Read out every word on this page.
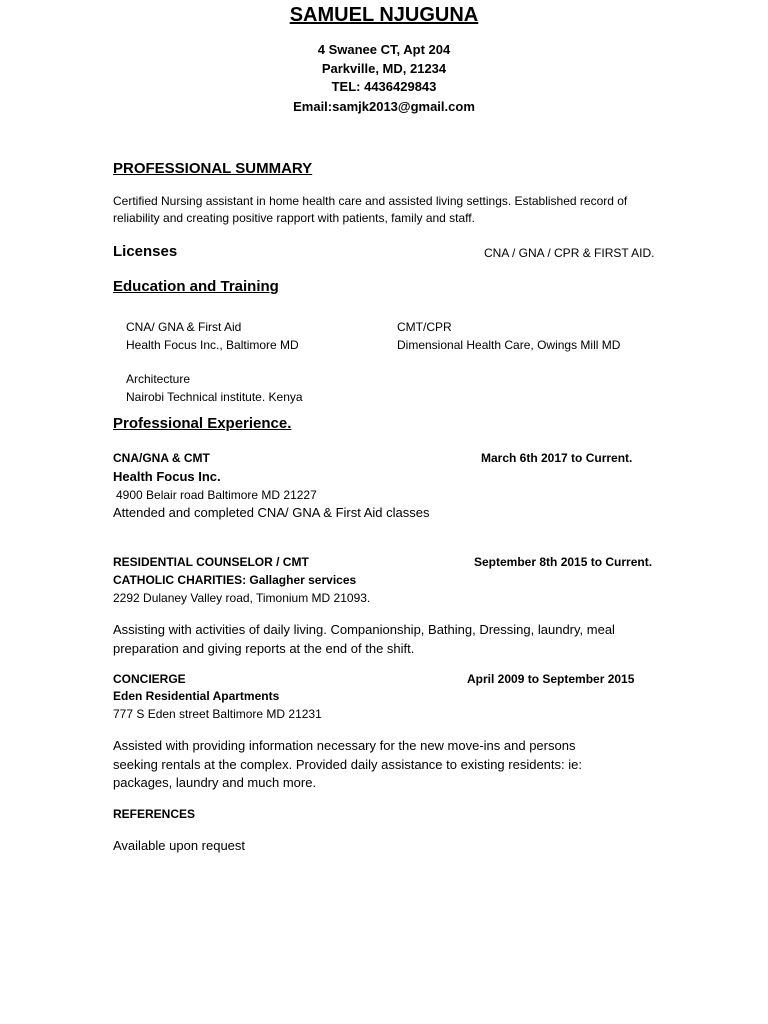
SAMUEL NJUGUNA
4 Swanee CT, Apt 204
Parkville, MD, 21234
TEL: 4436429843
Email:samjk2013@gmail.com
PROFESSIONAL SUMMARY
Certified Nursing assistant in home health care and assisted living settings. Established record of reliability and creating positive rapport with patients, family and staff.
Licenses	CNA / GNA / CPR & FIRST AID.
Education and Training
CNA/ GNA & First Aid
Health Focus Inc., Baltimore MD
CMT/CPR
Dimensional Health Care, Owings Mill MD
Architecture
Nairobi Technical institute. Kenya
Professional Experience.
CNA/GNA & CMT	March 6th 2017 to Current.
Health Focus Inc.
4900 Belair road Baltimore MD 21227
Attended and completed CNA/ GNA & First Aid classes
RESIDENTIAL COUNSELOR / CMT	September 8th 2015 to Current.
CATHOLIC CHARITIES: Gallagher services
2292 Dulaney Valley road, Timonium MD 21093.
Assisting with activities of daily living. Companionship, Bathing, Dressing, laundry, meal preparation and giving reports at the end of the shift.
CONCIERGE	April 2009 to September 2015
Eden Residential Apartments
777 S Eden street Baltimore MD 21231
Assisted with providing information necessary for the new move-ins and persons seeking rentals at the complex. Provided daily assistance to existing residents: ie: packages, laundry and much more.
REFERENCES
Available upon request
